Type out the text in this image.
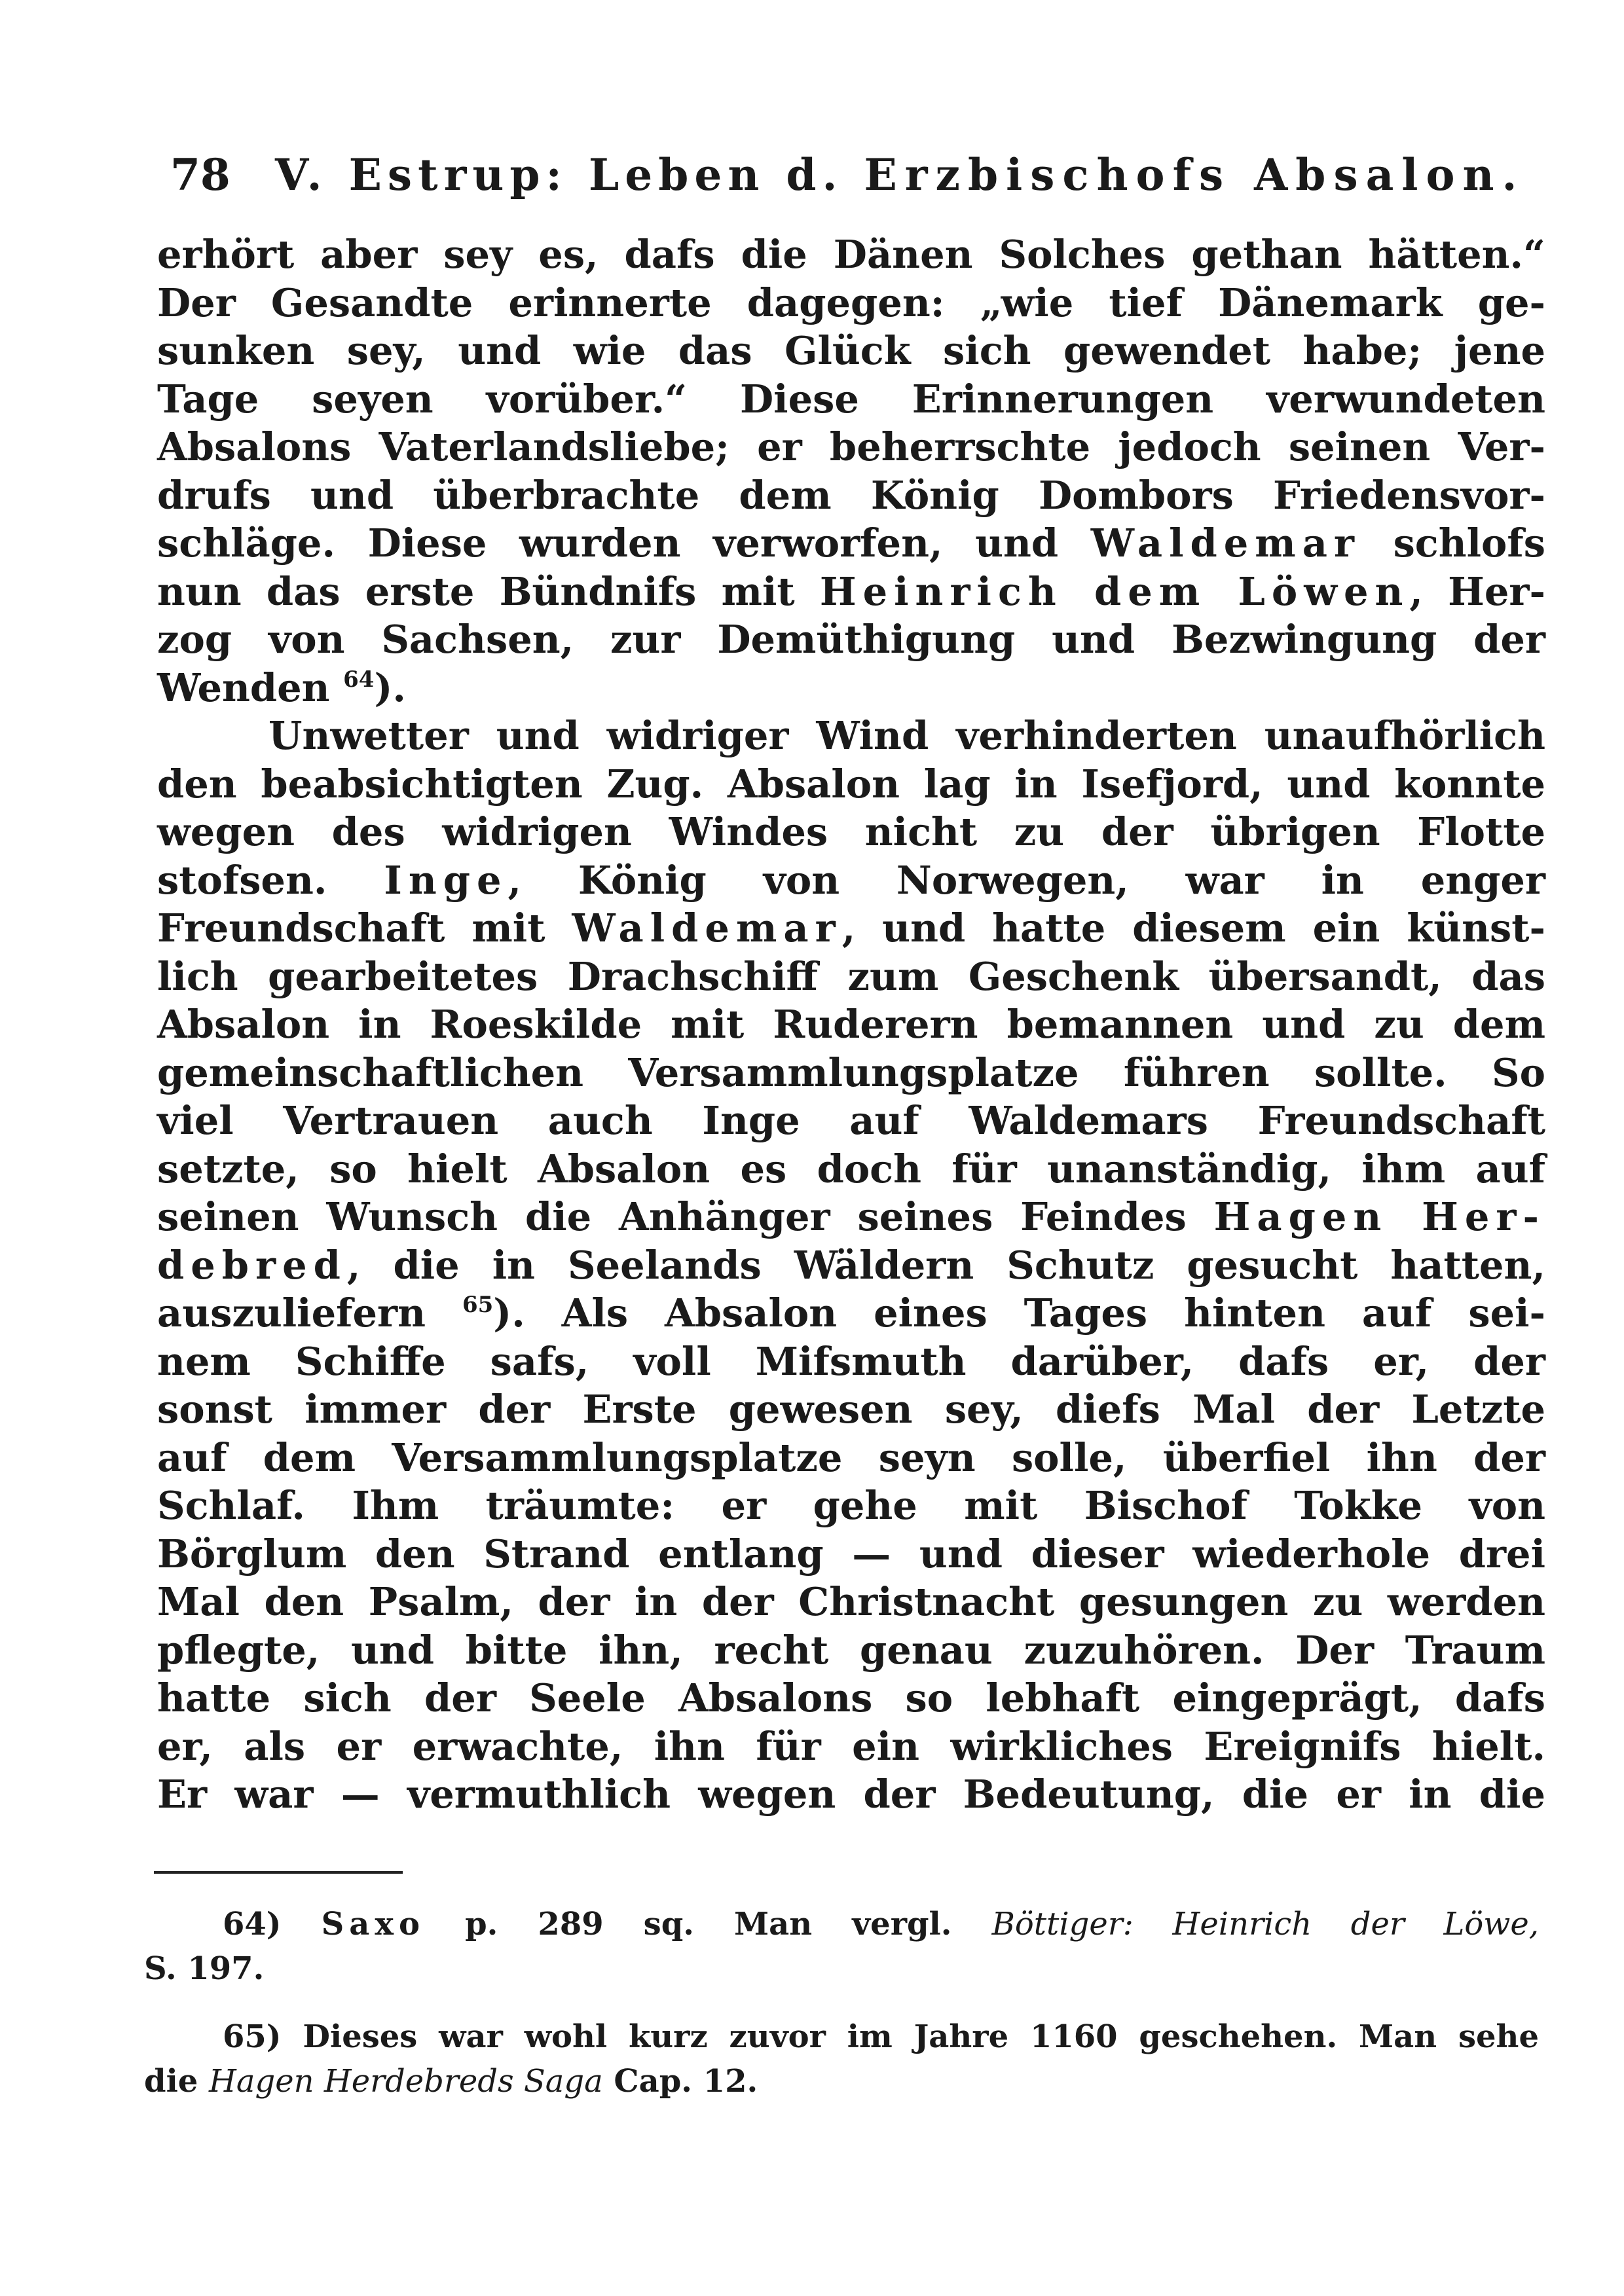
78 V. Estrup: Leben d. Erzbischofs Absalon.
erhört aber sey es, dafs die Dänen Solches gethan hätten.“
Der Gesandte erinnerte dagegen: „wie tief Dänemark ge-
sunken sey, und wie das Glück sich gewendet habe; jene
Tage seyen vorüber.“ Diese Erinnerungen verwundeten
Absalons Vaterlandsliebe; er beherrschte jedoch seinen Ver-
drufs und überbrachte dem König Dombors Friedensvor-
schläge. Diese wurden verworfen, und Waldemar schlofs
nun das erste Bündnifs mit Heinrich dem Löwen, Her-
zog von Sachsen, zur Demüthigung und Bezwingung der
Wenden $^{64}$).
Unwetter und widriger Wind verhinderten unaufhörlich
den beabsichtigten Zug. Absalon lag in Isefjord, und konnte
wegen des widrigen Windes nicht zu der übrigen Flotte
stofsen. Inge, König von Norwegen, war in enger
Freundschaft mit Waldemar, und hatte diesem ein künst-
lich gearbeitetes Drachschiff zum Geschenk übersandt, das
Absalon in Roeskilde mit Ruderern bemannen und zu dem
gemeinschaftlichen Versammlungsplatze führen sollte. So
viel Vertrauen auch Inge auf Waldemars Freundschaft
setzte, so hielt Absalon es doch für unanständig, ihm auf
seinen Wunsch die Anhänger seines Feindes Hagen Her-
debred, die in Seelands Wäldern Schutz gesucht hatten,
auszuliefern $^{65}$). Als Absalon eines Tages hinten auf sei-
nem Schiffe safs, voll Mifsmuth darüber, dafs er, der
sonst immer der Erste gewesen sey, diefs Mal der Letzte
auf dem Versammlungsplatze seyn solle, überfiel ihn der
Schlaf. Ihm träumte: er gehe mit Bischof Tokke von
Börglum den Strand entlang — und dieser wiederhole drei
Mal den Psalm, der in der Christnacht gesungen zu werden
pflegte, und bitte ihn, recht genau zuzuhören. Der Traum
hatte sich der Seele Absalons so lebhaft eingeprägt, dafs
er, als er erwachte, ihn für ein wirkliches Ereignifs hielt.
Er war — vermuthlich wegen der Bedeutung, die er in die
64) Saxo p. 289 sq. Man vergl. Böttiger: Heinrich der Löwe,
S. 197.
65) Dieses war wohl kurz zuvor im Jahre 1160 geschehen. Man sehe
die Hagen Herdebreds Saga Cap. 12.
